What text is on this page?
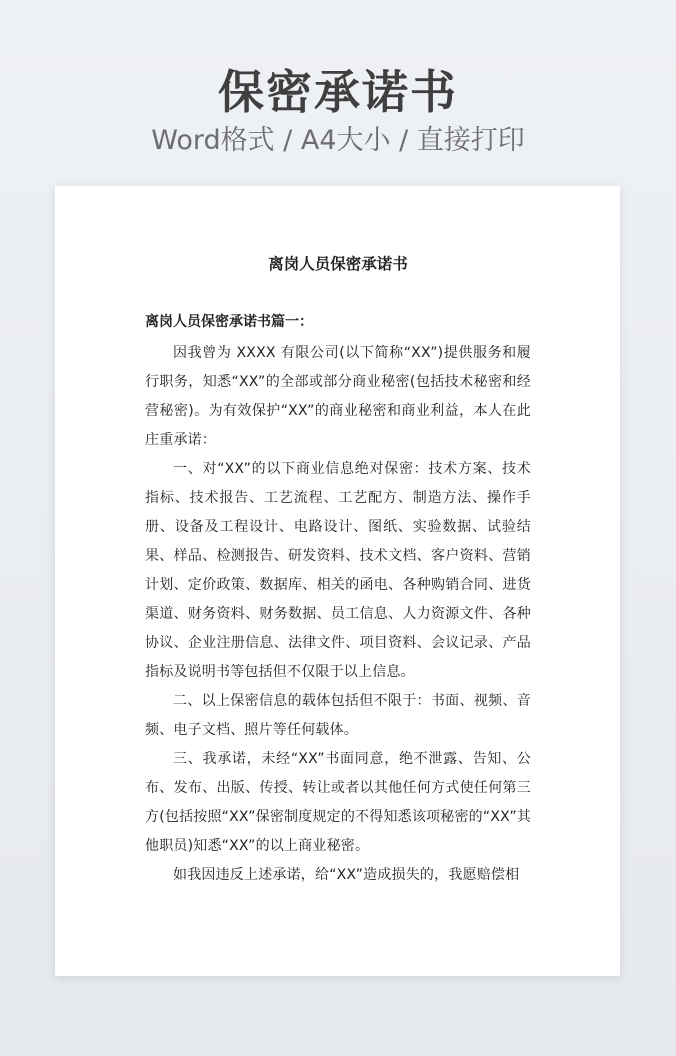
保密承诺书
Word格式 / A4大小 / 直接打印
离岗人员保密承诺书
离岗人员保密承诺书篇一：

因我曾为 XXXX 有限公司(以下简称“XX”)提供服务和履行职务，知悉“XX”的全部或部分商业秘密(包括技术秘密和经营秘密)。为有效保护“XX”的商业秘密和商业利益，本人在此庄重承诺：

一、对“XX”的以下商业信息绝对保密：技术方案、技术指标、技术报告、工艺流程、工艺配方、制造方法、操作手册、设备及工程设计、电路设计、图纸、实验数据、试验结果、样品、检测报告、研发资料、技术文档、客户资料、营销计划、定价政策、数据库、相关的函电、各种购销合同、进货渠道、财务资料、财务数据、员工信息、人力资源文件、各种协议、企业注册信息、法律文件、项目资料、会议记录、产品指标及说明书等包括但不仅限于以上信息。

二、以上保密信息的载体包括但不限于：书面、视频、音频、电子文档、照片等任何载体。

三、我承诺，未经“XX”书面同意，绝不泄露、告知、公布、发布、出版、传授、转让或者以其他任何方式使任何第三方(包括按照“XX”保密制度规定的不得知悉该项秘密的“XX”其他职员)知悉“XX”的以上商业秘密。

如我因违反上述承诺，给“XX”造成损失的，我愿赔偿相
